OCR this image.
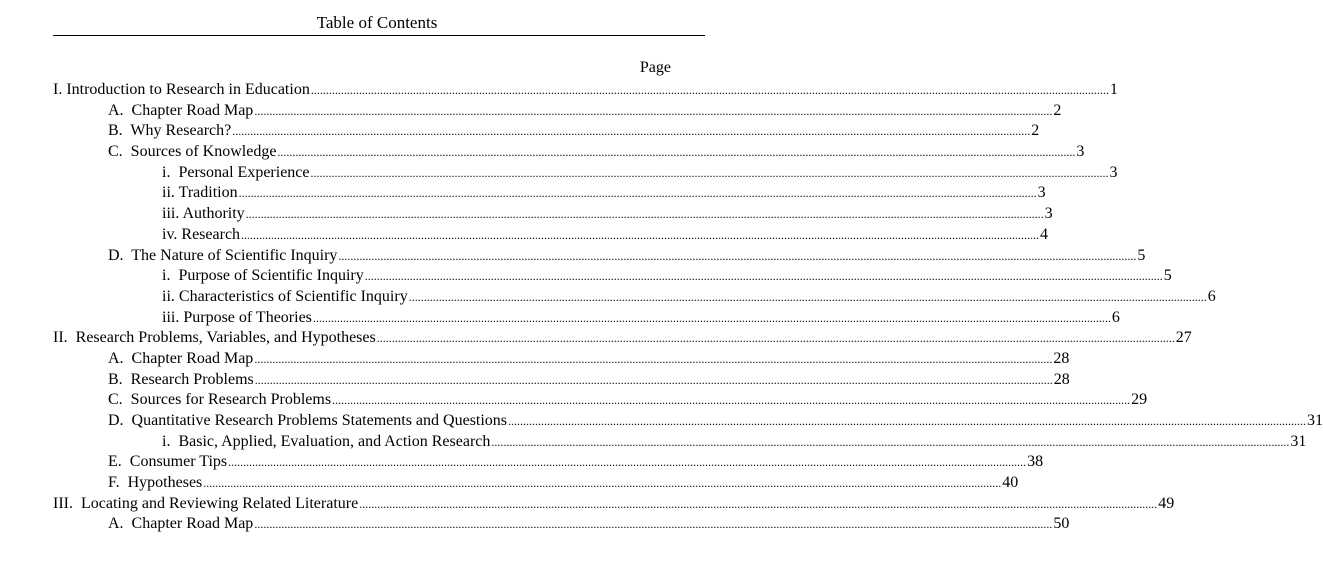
Table of Contents
Page
I. Introduction to Research in Education .....	1
A.  Chapter Road Map .....	2
B.  Why Research? .....	2
C.  Sources of Knowledge .....	3
i.  Personal Experience .....	3
ii. Tradition .....	3
iii. Authority .....	3
iv. Research .....	4
D.  The Nature of Scientific Inquiry .....	5
i.  Purpose of Scientific Inquiry .....	5
ii. Characteristics of Scientific Inquiry .....	6
iii. Purpose of Theories .....	6
II.  Research Problems, Variables, and Hypotheses .....	27
A.  Chapter Road Map .....	28
B.  Research Problems .....	28
C.  Sources for Research Problems .....	29
D.  Quantitative Research Problems Statements and Questions .....	31
i.  Basic, Applied, Evaluation, and Action Research .....	31
E.  Consumer Tips .....	38
F.  Hypotheses .....	40
III.  Locating and Reviewing Related Literature .....	49
A.  Chapter Road Map .....	50
